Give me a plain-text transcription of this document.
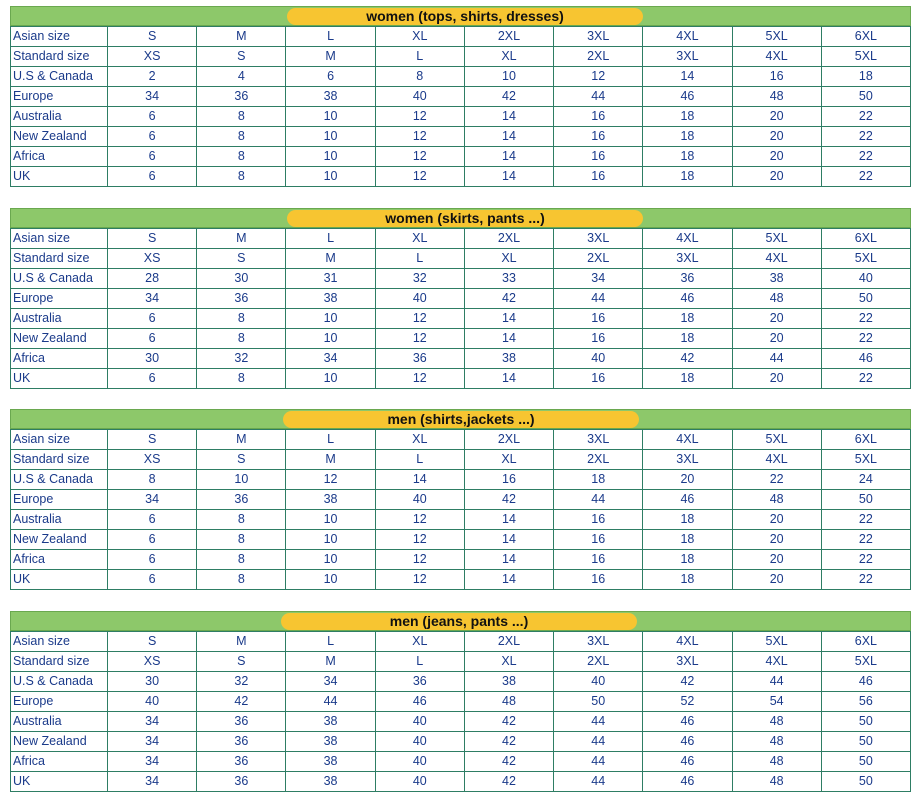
women (tops, shirts, dresses)
Asian size	S	M	L	XL	2XL	3XL	4XL	5XL	6XL
Standard size	XS	S	M	L	XL	2XL	3XL	4XL	5XL
U.S & Canada	2	4	6	8	10	12	14	16	18
Europe	34	36	38	40	42	44	46	48	50
Australia	6	8	10	12	14	16	18	20	22
New Zealand	6	8	10	12	14	16	18	20	22
Africa	6	8	10	12	14	16	18	20	22
UK	6	8	10	12	14	16	18	20	22
women (skirts, pants ...)
Asian size	S	M	L	XL	2XL	3XL	4XL	5XL	6XL
Standard size	XS	S	M	L	XL	2XL	3XL	4XL	5XL
U.S & Canada	28	30	31	32	33	34	36	38	40
Europe	34	36	38	40	42	44	46	48	50
Australia	6	8	10	12	14	16	18	20	22
New Zealand	6	8	10	12	14	16	18	20	22
Africa	30	32	34	36	38	40	42	44	46
UK	6	8	10	12	14	16	18	20	22
men (shirts,jackets ...)
Asian size	S	M	L	XL	2XL	3XL	4XL	5XL	6XL
Standard size	XS	S	M	L	XL	2XL	3XL	4XL	5XL
U.S & Canada	8	10	12	14	16	18	20	22	24
Europe	34	36	38	40	42	44	46	48	50
Australia	6	8	10	12	14	16	18	20	22
New Zealand	6	8	10	12	14	16	18	20	22
Africa	6	8	10	12	14	16	18	20	22
UK	6	8	10	12	14	16	18	20	22
men (jeans, pants ...)
Asian size	S	M	L	XL	2XL	3XL	4XL	5XL	6XL
Standard size	XS	S	M	L	XL	2XL	3XL	4XL	5XL
U.S & Canada	30	32	34	36	38	40	42	44	46
Europe	40	42	44	46	48	50	52	54	56
Australia	34	36	38	40	42	44	46	48	50
New Zealand	34	36	38	40	42	44	46	48	50
Africa	34	36	38	40	42	44	46	48	50
UK	34	36	38	40	42	44	46	48	50
